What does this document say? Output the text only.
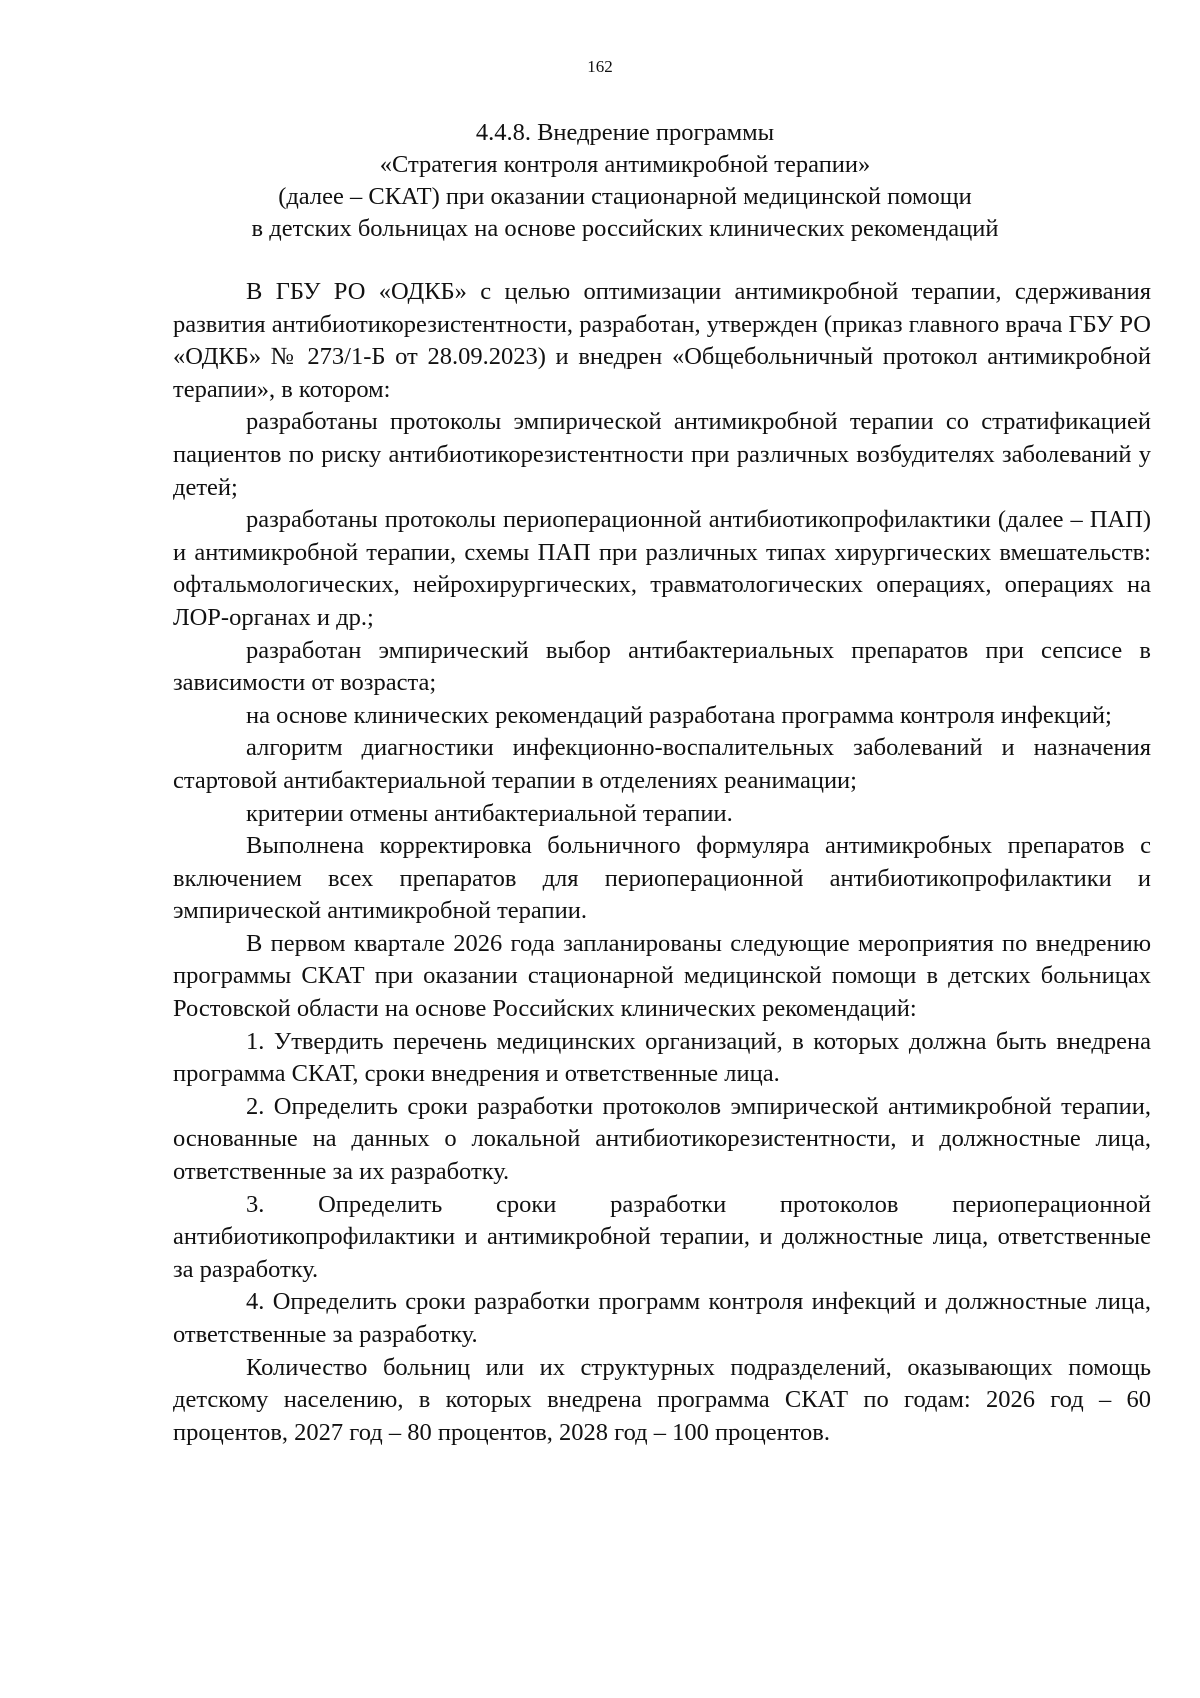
162
4.4.8. Внедрение программы
«Стратегия контроля антимикробной терапии»
(далее – СКАТ) при оказании стационарной медицинской помощи
в детских больницах на основе российских клинических рекомендаций

В ГБУ РО «ОДКБ» с целью оптимизации антимикробной терапии, сдерживания развития антибиотикорезистентности, разработан, утвержден (приказ главного врача ГБУ РО «ОДКБ» № 273/1-Б от 28.09.2023) и внедрен «Общебольничный протокол антимикробной терапии», в котором:

разработаны протоколы эмпирической антимикробной терапии со стратификацией пациентов по риску антибиотикорезистентности при различных возбудителях заболеваний у детей;

разработаны протоколы периоперационной антибиотикопрофилактики (далее – ПАП) и антимикробной терапии, схемы ПАП при различных типах хирургических вмешательств: офтальмологических, нейрохирургических, травматологических операциях, операциях на ЛОР-органах и др.;

разработан эмпирический выбор антибактериальных препаратов при сепсисе в зависимости от возраста;

на основе клинических рекомендаций разработана программа контроля инфекций;

алгоритм диагностики инфекционно-воспалительных заболеваний и назначения стартовой антибактериальной терапии в отделениях реанимации;

критерии отмены антибактериальной терапии.

Выполнена корректировка больничного формуляра антимикробных препаратов с включением всех препаратов для периоперационной антибиотикопрофилактики и эмпирической антимикробной терапии.

В первом квартале 2026 года запланированы следующие мероприятия по внедрению программы СКАТ при оказании стационарной медицинской помощи в детских больницах Ростовской области на основе Российских клинических рекомендаций:

1. Утвердить перечень медицинских организаций, в которых должна быть внедрена программа СКАТ, сроки внедрения и ответственные лица.

2. Определить сроки разработки протоколов эмпирической антимикробной терапии, основанные на данных о локальной антибиотикорезистентности, и должностные лица, ответственные за их разработку.

3. Определить сроки разработки протоколов периоперационной антибиотикопрофилактики и антимикробной терапии, и должностные лица, ответственные за разработку.

4. Определить сроки разработки программ контроля инфекций и должностные лица, ответственные за разработку.

Количество больниц или их структурных подразделений, оказывающих помощь детскому населению, в которых внедрена программа СКАТ по годам: 2026 год – 60 процентов, 2027 год – 80 процентов, 2028 год – 100 процентов.
